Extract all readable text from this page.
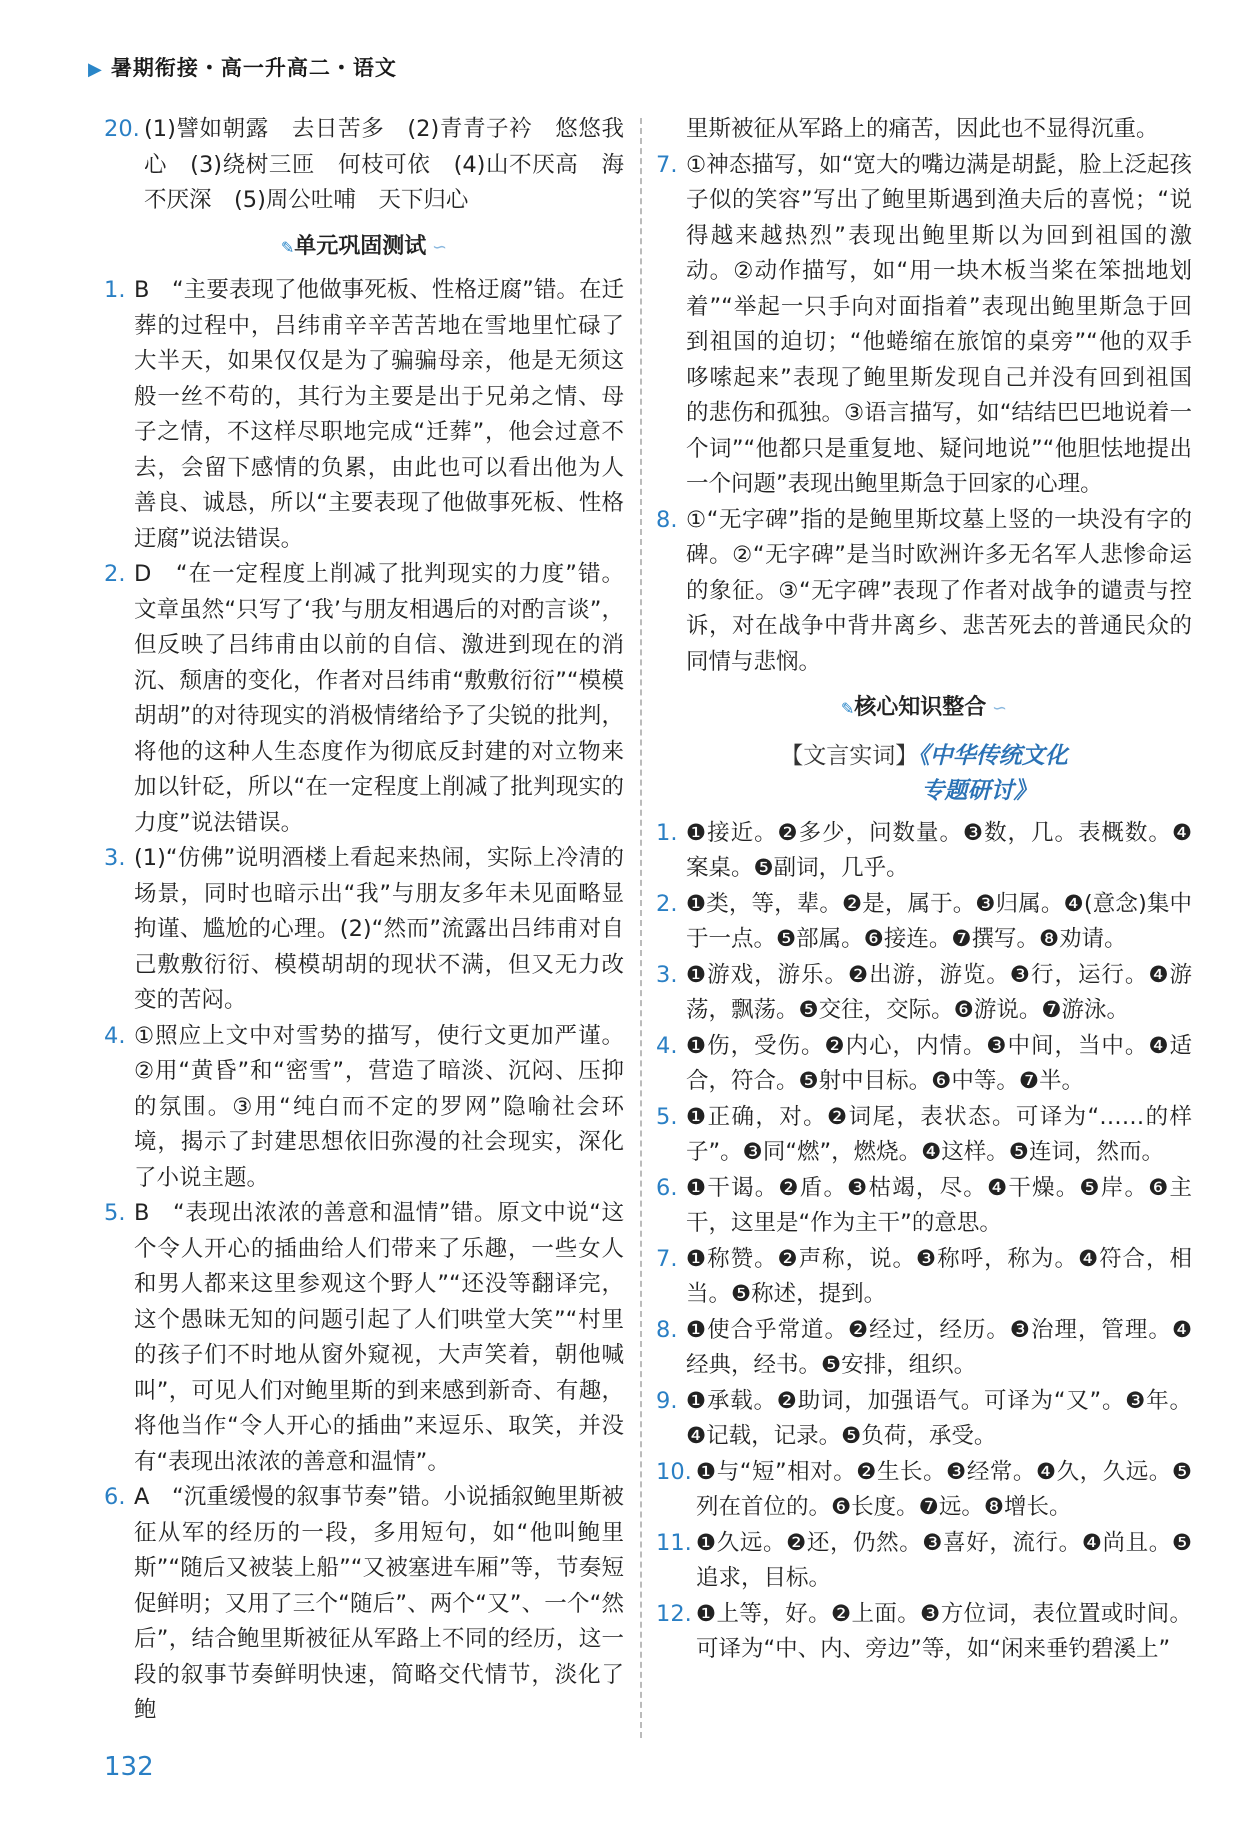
▶ 暑期衔接・高一升高二・语文
20. (1)譬如朝露　去日苦多　(2)青青子衿　悠悠我心　(3)绕树三匝　何枝可依　(4)山不厌高　海不厌深　(5)周公吐哺　天下归心
✎单元巩固测试 ∽
1. B　“主要表现了他做事死板、性格迂腐”错。在迁葬的过程中，吕纬甫辛辛苦苦地在雪地里忙碌了大半天，如果仅仅是为了骗骗母亲，他是无须这般一丝不苟的，其行为主要是出于兄弟之情、母子之情，不这样尽职地完成“迁葬”，他会过意不去，会留下感情的负累，由此也可以看出他为人善良、诚恳，所以“主要表现了他做事死板、性格迂腐”说法错误。
2. D　“在一定程度上削减了批判现实的力度”错。文章虽然“只写了‘我’与朋友相遇后的对酌言谈”，但反映了吕纬甫由以前的自信、激进到现在的消沉、颓唐的变化，作者对吕纬甫“敷敷衍衍”“模模胡胡”的对待现实的消极情绪给予了尖锐的批判，将他的这种人生态度作为彻底反封建的对立物来加以针砭，所以“在一定程度上削减了批判现实的力度”说法错误。
3. (1)“仿佛”说明酒楼上看起来热闹，实际上冷清的场景，同时也暗示出“我”与朋友多年未见面略显拘谨、尴尬的心理。(2)“然而”流露出吕纬甫对自己敷敷衍衍、模模胡胡的现状不满，但又无力改变的苦闷。
4. ①照应上文中对雪势的描写，使行文更加严谨。②用“黄昏”和“密雪”，营造了暗淡、沉闷、压抑的氛围。③用“纯白而不定的罗网”隐喻社会环境，揭示了封建思想依旧弥漫的社会现实，深化了小说主题。
5. B　“表现出浓浓的善意和温情”错。原文中说“这个令人开心的插曲给人们带来了乐趣，一些女人和男人都来这里参观这个野人”“还没等翻译完，这个愚昧无知的问题引起了人们哄堂大笑”“村里的孩子们不时地从窗外窥视，大声笑着，朝他喊叫”，可见人们对鲍里斯的到来感到新奇、有趣，将他当作“令人开心的插曲”来逗乐、取笑，并没有“表现出浓浓的善意和温情”。
6. A　“沉重缓慢的叙事节奏”错。小说插叙鲍里斯被征从军的经历的一段，多用短句，如“他叫鲍里斯”“随后又被装上船”“又被塞进车厢”等，节奏短促鲜明；又用了三个“随后”、两个“又”、一个“然后”，结合鲍里斯被征从军路上不同的经历，这一段的叙事节奏鲜明快速，简略交代情节，淡化了鲍
里斯被征从军路上的痛苦，因此也不显得沉重。
7. ①神态描写，如“宽大的嘴边满是胡髭，脸上泛起孩子似的笑容”写出了鲍里斯遇到渔夫后的喜悦；“说得越来越热烈”表现出鲍里斯以为回到祖国的激动。②动作描写，如“用一块木板当桨在笨拙地划着”“举起一只手向对面指着”表现出鲍里斯急于回到祖国的迫切；“他蜷缩在旅馆的桌旁”“他的双手哆嗦起来”表现了鲍里斯发现自己并没有回到祖国的悲伤和孤独。③语言描写，如“结结巴巴地说着一个词”“他都只是重复地、疑问地说”“他胆怯地提出一个问题”表现出鲍里斯急于回家的心理。
8. ①“无字碑”指的是鲍里斯坟墓上竖的一块没有字的碑。②“无字碑”是当时欧洲许多无名军人悲惨命运的象征。③“无字碑”表现了作者对战争的谴责与控诉，对在战争中背井离乡、悲苦死去的普通民众的同情与悲悯。
✎核心知识整合 ∽
【文言实词】《中华传统文化
专题研讨》
1. ❶接近。❷多少，问数量。❸数，几。表概数。❹案桌。❺副词，几乎。
2. ❶类，等，辈。❷是，属于。❸归属。❹(意念)集中于一点。❺部属。❻接连。❼撰写。❽劝请。
3. ❶游戏，游乐。❷出游，游览。❸行，运行。❹游荡，飘荡。❺交往，交际。❻游说。❼游泳。
4. ❶伤，受伤。❷内心，内情。❸中间，当中。❹适合，符合。❺射中目标。❻中等。❼半。
5. ❶正确，对。❷词尾，表状态。可译为“……的样子”。❸同“燃”，燃烧。❹这样。❺连词，然而。
6. ❶干谒。❷盾。❸枯竭，尽。❹干燥。❺岸。❻主干，这里是“作为主干”的意思。
7. ❶称赞。❷声称，说。❸称呼，称为。❹符合，相当。❺称述，提到。
8. ❶使合乎常道。❷经过，经历。❸治理，管理。❹经典，经书。❺安排，组织。
9. ❶承载。❷助词，加强语气。可译为“又”。❸年。❹记载，记录。❺负荷，承受。
10. ❶与“短”相对。❷生长。❸经常。❹久，久远。❺列在首位的。❻长度。❼远。❽增长。
11. ❶久远。❷还，仍然。❸喜好，流行。❹尚且。❺追求，目标。
12. ❶上等，好。❷上面。❸方位词，表位置或时间。可译为“中、内、旁边”等，如“闲来垂钓碧溪上”
132
